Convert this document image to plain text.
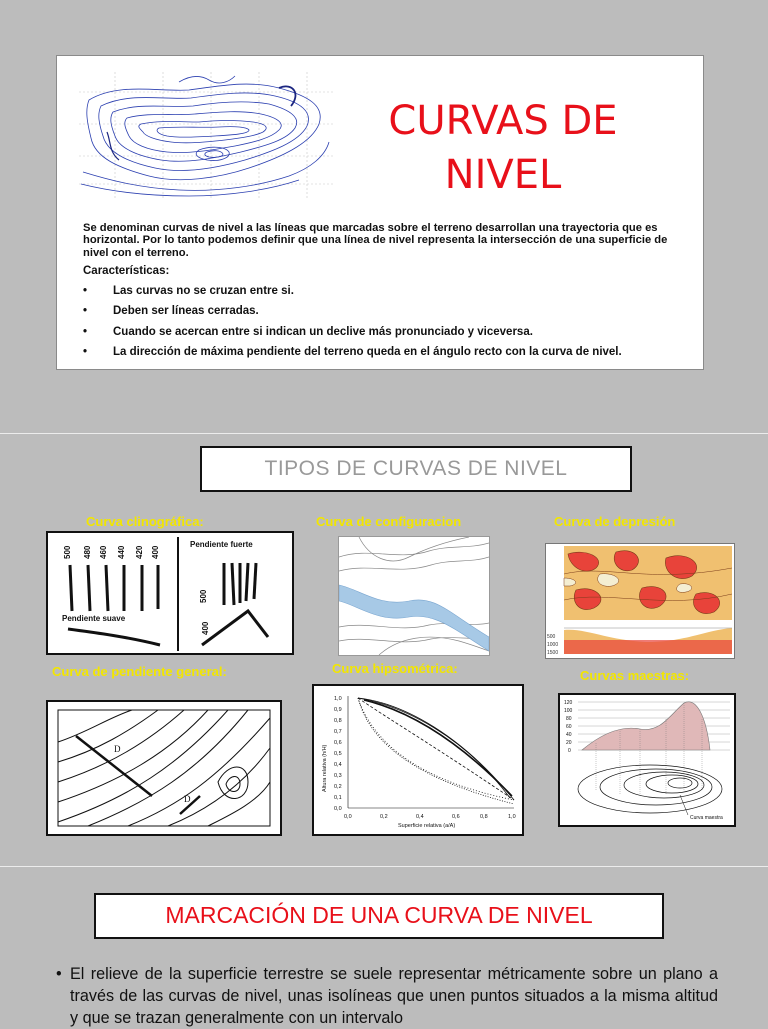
CURVAS DE
NIVEL
Se denominan curvas de nivel a las líneas que marcadas sobre el terreno desarrollan una trayectoria que es horizontal. Por lo tanto podemos definir que una línea de nivel representa la intersección de una superficie de nivel con el terreno.
Características:
• Las curvas no se cruzan entre si.
• Deben ser líneas cerradas.
• Cuando se acercan entre si indican un declive más pronunciado y viceversa.
• La dirección de máxima pendiente del terreno queda en el ángulo recto con la curva de nivel.
TIPOS DE CURVAS DE NIVEL
Curva clinográfica:	Curva de configuracion	Curva de depresión
Curva de pendiente general:	Curva hipsométrica:	Curvas maestras:
500 480 460 440 420 400
Pendiente suave
Pendiente fuerte
500
400
500
1000
1500
D
D
1,0
0,9
0,8
0,7
0,6
0,5
0,4
0,3
0,2
0,1
0,0
0,0	0,2	0,4	0,6	0,8	1,0
Superficie relativa (a/A)
Altura relativa (h/H)
120
100
80
60
40
20
0
Curva maestra
MARCACIÓN DE UNA CURVA DE NIVEL
• El relieve de la superficie terrestre se suele representar métricamente sobre un plano a través de las curvas de nivel, unas isolíneas que unen puntos situados a la misma altitud y que se trazan generalmente con un intervalo
